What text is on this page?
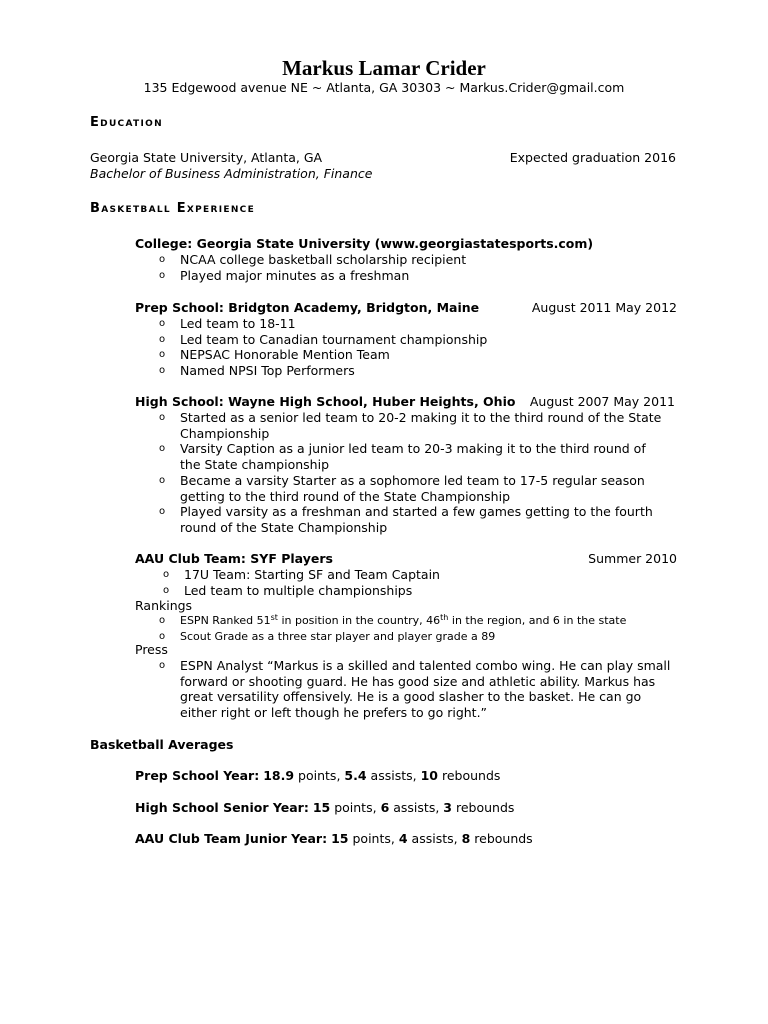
Markus Lamar Crider
135 Edgewood avenue NE ~ Atlanta, GA 30303 ~ Markus.Crider@gmail.com
Education
Georgia State University, Atlanta, GA	Expected graduation 2016
Bachelor of Business Administration, Finance
Basketball Experience
College: Georgia State University (www.georgiastatesports.com)
o NCAA college basketball scholarship recipient
o Played major minutes as a freshman
Prep School: Bridgton Academy, Bridgton, Maine	August 2011 May 2012
o Led team to 18-11
o Led team to Canadian tournament championship
o NEPSAC Honorable Mention Team
o Named NPSI Top Performers
High School: Wayne High School, Huber Heights, Ohio August 2007 May 2011
o Started as a senior led team to 20-2 making it to the third round of the State
Championship
o Varsity Caption as a junior led team to 20-3 making it to the third round of
the State championship
o Became a varsity Starter as a sophomore led team to 17-5 regular season
getting to the third round of the State Championship
o Played varsity as a freshman and started a few games getting to the fourth
round of the State Championship
AAU Club Team: SYF Players	Summer 2010
o 17U Team: Starting SF and Team Captain
o Led team to multiple championships
Rankings
o ESPN Ranked 51st in position in the country, 46th in the region, and 6 in the state
o Scout Grade as a three star player and player grade a 89
Press
o ESPN Analyst “Markus is a skilled and talented combo wing. He can play small
forward or shooting guard. He has good size and athletic ability. Markus has
great versatility offensively. He is a good slasher to the basket. He can go
either right or left though he prefers to go right.”
Basketball Averages
Prep School Year: 18.9 points, 5.4 assists, 10 rebounds
High School Senior Year: 15 points, 6 assists, 3 rebounds
AAU Club Team Junior Year: 15 points, 4 assists, 8 rebounds
